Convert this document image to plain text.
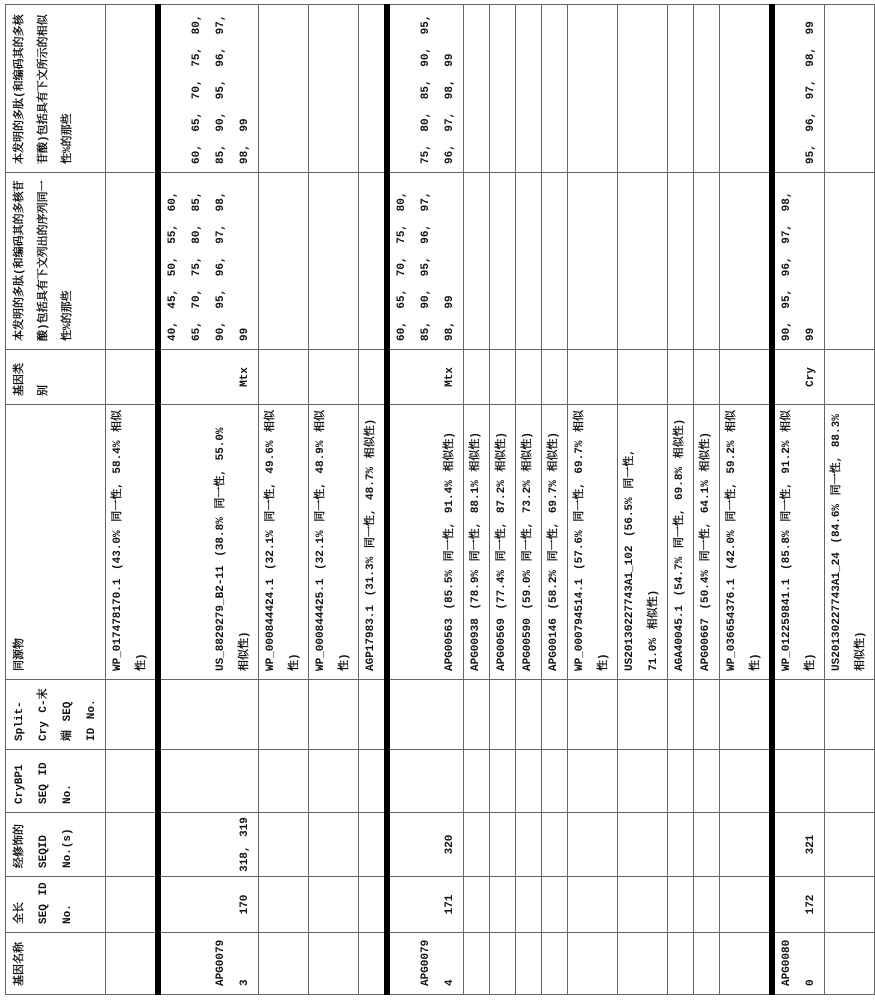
基因名称	全长 SEQ ID No.	经修饰的 SEQID No.(s)	CryBP1 SEQ ID No.	Split-Cry C-末端 SEQ ID No.	同源物	基因类别	本发明的多肽(和编码其的多核苷酸)包括具有下文列出的序列同一性%的那些	本发明的多肽(和编码其的多核苷酸)包括具有下文所示的相似性%的那些
					WP_017478170.1 (43.0% 同一性, 58.4% 相似性)			
APG00793	170	318, 319			US_8829279_B2-11 (38.8% 同一性, 55.0% 相似性)	Mtx	40, 45, 50, 55, 60, 65, 70, 75, 80, 85, 90, 95, 96, 97, 98, 99	60, 65, 70, 75, 80, 85, 90, 95, 96, 97, 98, 99
					WP_000844424.1 (32.1% 同一性, 49.6% 相似性)								WP_000844425.1 (32.1% 同一性, 48.9% 相似性)								AGP17983.1 (31.3% 同一性, 48.7% 相似性)			
APG00794	171	320			APG00563 (85.5% 同一性, 91.4% 相似性)	Mtx	60, 65, 70, 75, 80, 85, 90, 95, 96, 97, 98, 99	75, 80, 85, 90, 95, 96, 97, 98, 99
					APG00938 (78.9% 同一性, 88.1% 相似性)								APG00569 (77.4% 同一性, 87.2% 相似性)								APG00590 (59.0% 同一性, 73.2% 相似性)								APG00146 (58.2% 同一性, 69.7% 相似性)								WP_000794514.1 (57.6% 同一性, 69.7% 相似性)								US20130227743A1_102 (56.5% 同一性, 71.0% 相似性)								AGA40045.1 (54.7% 同一性, 69.8% 相似性)								APG00667 (50.4% 同一性, 64.1% 相似性)								WP_036654376.1 (42.0% 同一性, 59.2% 相似性)			
APG00800	172	321			WP_012259841.1 (85.8% 同一性, 91.2% 相似性)	Cry	90, 95, 96, 97, 98, 99	95, 96, 97, 98, 99
					US20130227743A1_24 (84.6% 同一性, 88.3% 相似性)			
